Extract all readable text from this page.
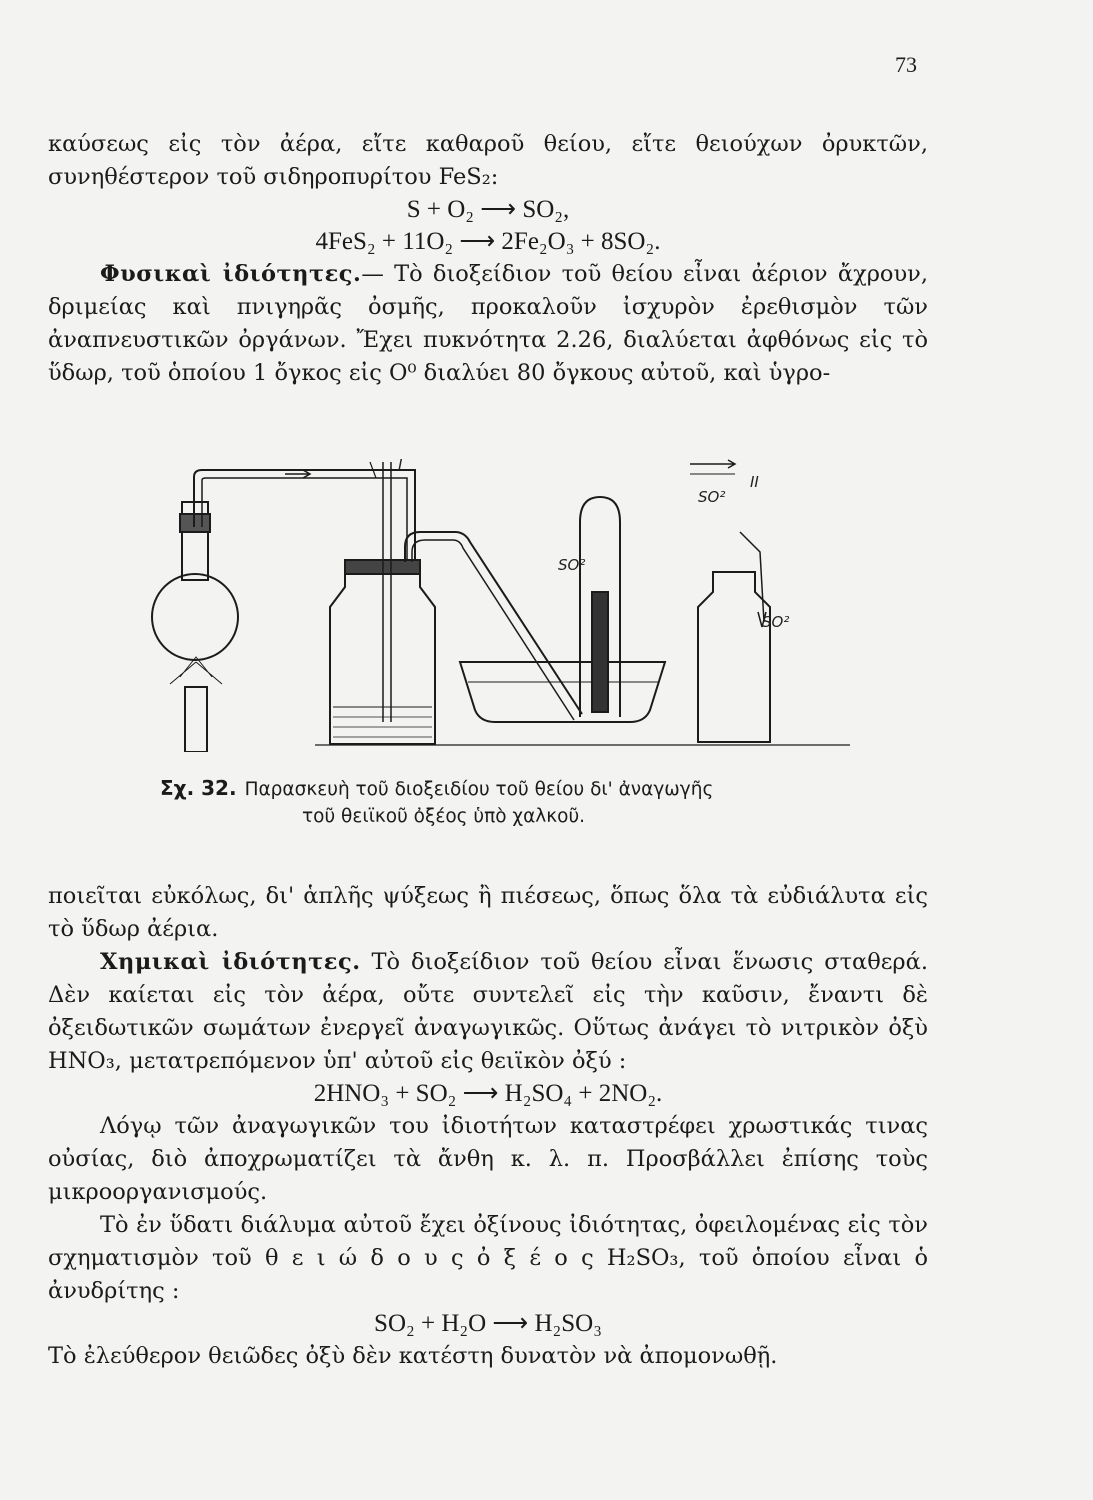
73

καύσεως εἰς τὸν ἀέρα, εἴτε καθαροῦ θείου, εἴτε θειούχων ὀρυκτῶν, συνηθέστερον τοῦ σιδηροπυρίτου FeS₂:

S + O₂ ⟶ SO₂,

4FeS₂ + 11O₂ ⟶ 2Fe₂O₃ + 8SO₂.

Φυσικαὶ ἰδιότητες.— Τὸ διοξείδιον τοῦ θείου εἶναι ἀέριον ἄχρουν, δριμείας καὶ πνιγηρᾶς ὀσμῆς, προκαλοῦν ἰσχυρὸν ἐρεθισμὸν τῶν ἀναπνευστικῶν ὀργάνων. Ἔχει πυκνότητα 2.26, διαλύεται ἀφθόνως εἰς τὸ ὕδωρ, τοῦ ὁποίου 1 ὄγκος εἰς O⁰ διαλύει 80 ὄγκους αὐτοῦ, καὶ ὑγρο-

I
II
SO²
SO²
SO²
Σχ. 32. Παρασκευὴ τοῦ διοξειδίου τοῦ θείου δι' ἀναγωγῆς
τοῦ θειϊκοῦ ὀξέος ὑπὸ χαλκοῦ.

ποιεῖται εὐκόλως, δι' ἁπλῆς ψύξεως ἢ πιέσεως, ὅπως ὅλα τὰ εὐδιάλυτα εἰς τὸ ὕδωρ ἀέρια.

Χημικαὶ ἰδιότητες. Τὸ διοξείδιον τοῦ θείου εἶναι ἕνωσις σταθερά. Δὲν καίεται εἰς τὸν ἀέρα, οὔτε συντελεῖ εἰς τὴν καῦσιν, ἔναντι δὲ ὀξειδωτικῶν σωμάτων ἐνεργεῖ ἀναγωγικῶς. Οὕτως ἀνάγει τὸ νιτρικὸν ὀξὺ HNO₃, μετατρεπόμενον ὑπ' αὐτοῦ εἰς θειϊκὸν ὀξύ :

2HNO₃ + SO₂ ⟶ H₂SO₄ + 2NO₂.

Λόγῳ τῶν ἀναγωγικῶν του ἰδιοτήτων καταστρέφει χρωστικάς τινας οὐσίας, διὸ ἀποχρωματίζει τὰ ἄνθη κ. λ. π. Προσβάλλει ἐπίσης τοὺς μικροοργανισμούς.

Τὸ ἐν ὕδατι διάλυμα αὐτοῦ ἔχει ὀξίνους ἰδιότητας, ὀφειλομένας εἰς τὸν σχηματισμὸν τοῦ θ ε ι ώ δ ο υ ς ὀ ξ έ ο ς H₂SO₃, τοῦ ὁποίου εἶναι ὁ ἀνυδρίτης :

SO₂ + H₂O ⟶ H₂SO₃

Τὸ ἐλεύθερον θειῶδες ὀξὺ δὲν κατέστη δυνατὸν νὰ ἀπομονωθῇ.
